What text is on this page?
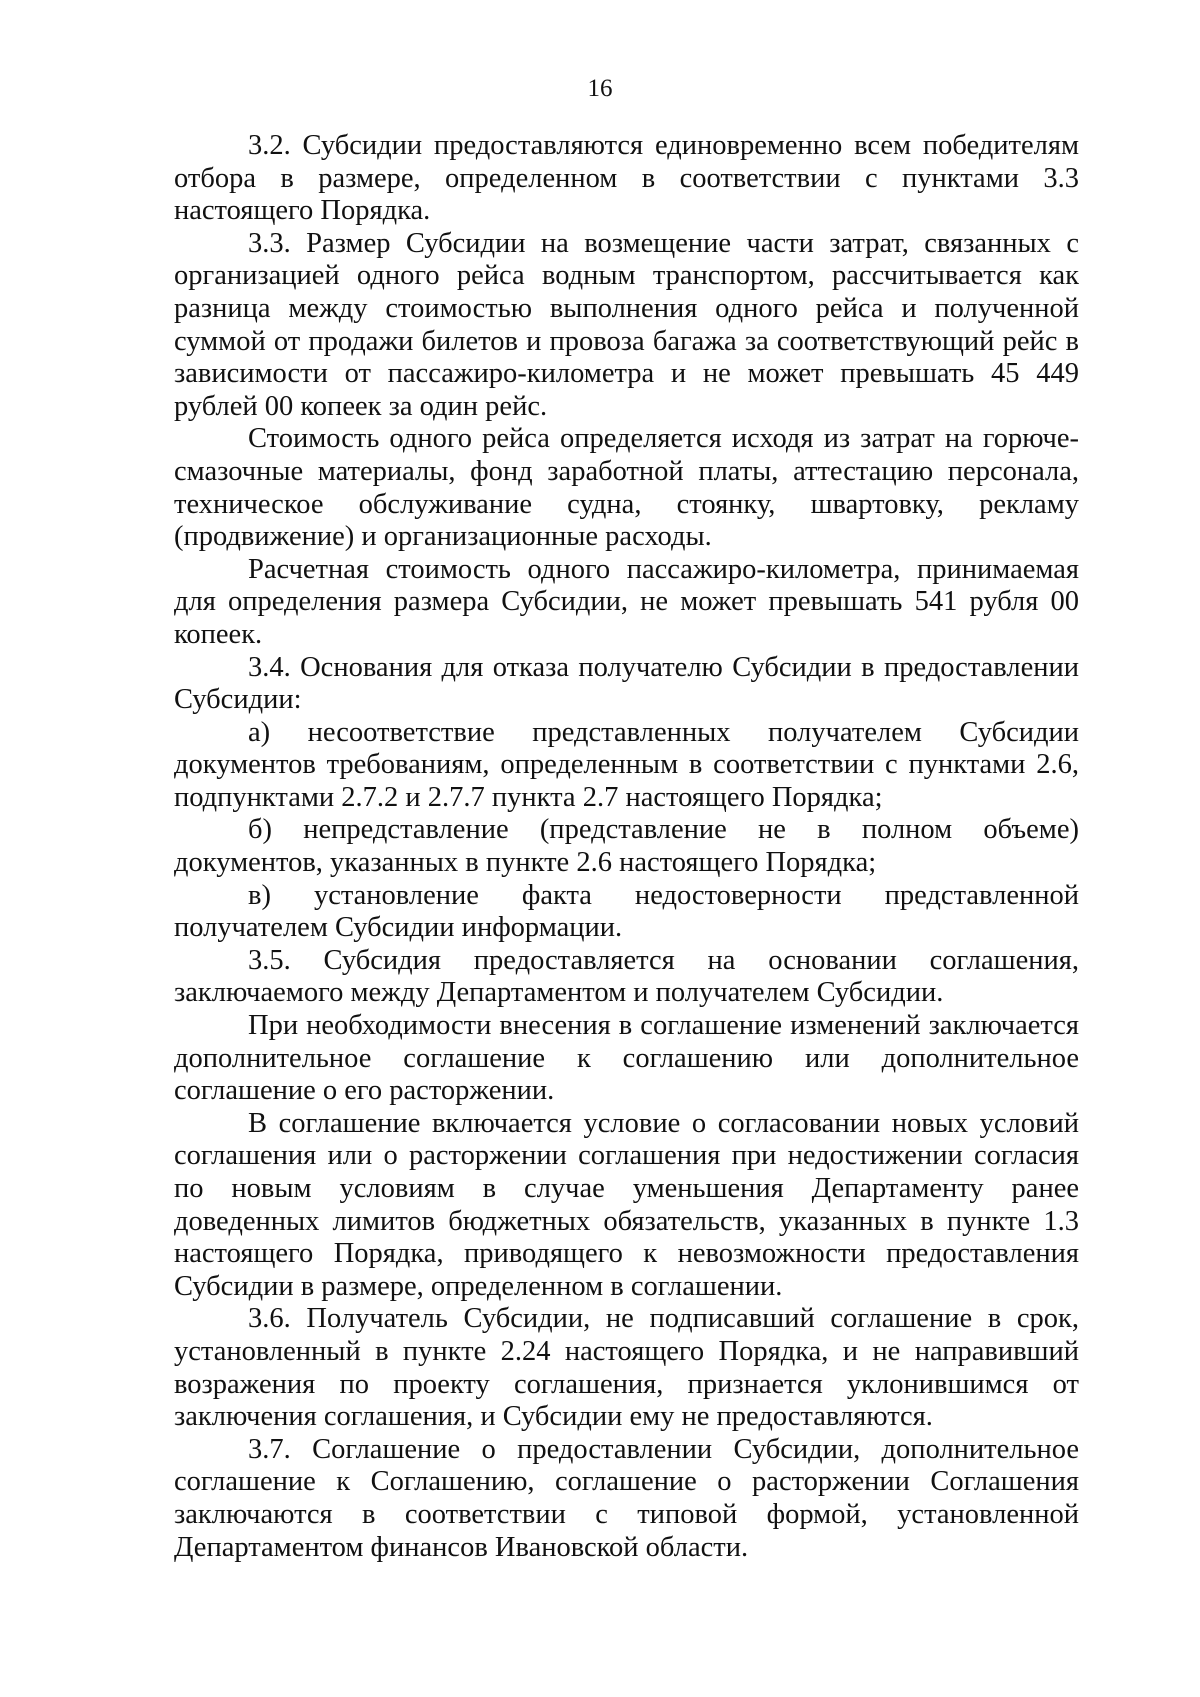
16

3.2. Субсидии предоставляются единовременно всем победителям отбора в размере, определенном в соответствии с пунктами 3.3 настоящего Порядка.

3.3. Размер Субсидии на возмещение части затрат, связанных с организацией одного рейса водным транспортом, рассчитывается как разница между стоимостью выполнения одного рейса и полученной суммой от продажи билетов и провоза багажа за соответствующий рейс в зависимости от пассажиро-километра и не может превышать 45 449 рублей 00 копеек за один рейс.

Стоимость одного рейса определяется исходя из затрат на горюче-смазочные материалы, фонд заработной платы, аттестацию персонала, техническое обслуживание судна, стоянку, швартовку, рекламу (продвижение) и организационные расходы.

Расчетная стоимость одного пассажиро-километра, принимаемая для определения размера Субсидии, не может превышать 541 рубля 00 копеек.

3.4. Основания для отказа получателю Субсидии в предоставлении Субсидии:

а) несоответствие представленных получателем Субсидии документов требованиям, определенным в соответствии с пунктами 2.6, подпунктами 2.7.2 и 2.7.7 пункта 2.7 настоящего Порядка;

б) непредставление (представление не в полном объеме) документов, указанных в пункте 2.6 настоящего Порядка;

в) установление факта недостоверности представленной получателем Субсидии информации.

3.5. Субсидия предоставляется на основании соглашения, заключаемого между Департаментом и получателем Субсидии.

При необходимости внесения в соглашение изменений заключается дополнительное соглашение к соглашению или дополнительное соглашение о его расторжении.

В соглашение включается условие о согласовании новых условий соглашения или о расторжении соглашения при недостижении согласия по новым условиям в случае уменьшения Департаменту ранее доведенных лимитов бюджетных обязательств, указанных в пункте 1.3 настоящего Порядка, приводящего к невозможности предоставления Субсидии в размере, определенном в соглашении.

3.6. Получатель Субсидии, не подписавший соглашение в срок, установленный в пункте 2.24 настоящего Порядка, и не направивший возражения по проекту соглашения, признается уклонившимся от заключения соглашения, и Субсидии ему не предоставляются.

3.7. Соглашение о предоставлении Субсидии, дополнительное соглашение к Соглашению, соглашение о расторжении Соглашения заключаются в соответствии с типовой формой, установленной Департаментом финансов Ивановской области.
